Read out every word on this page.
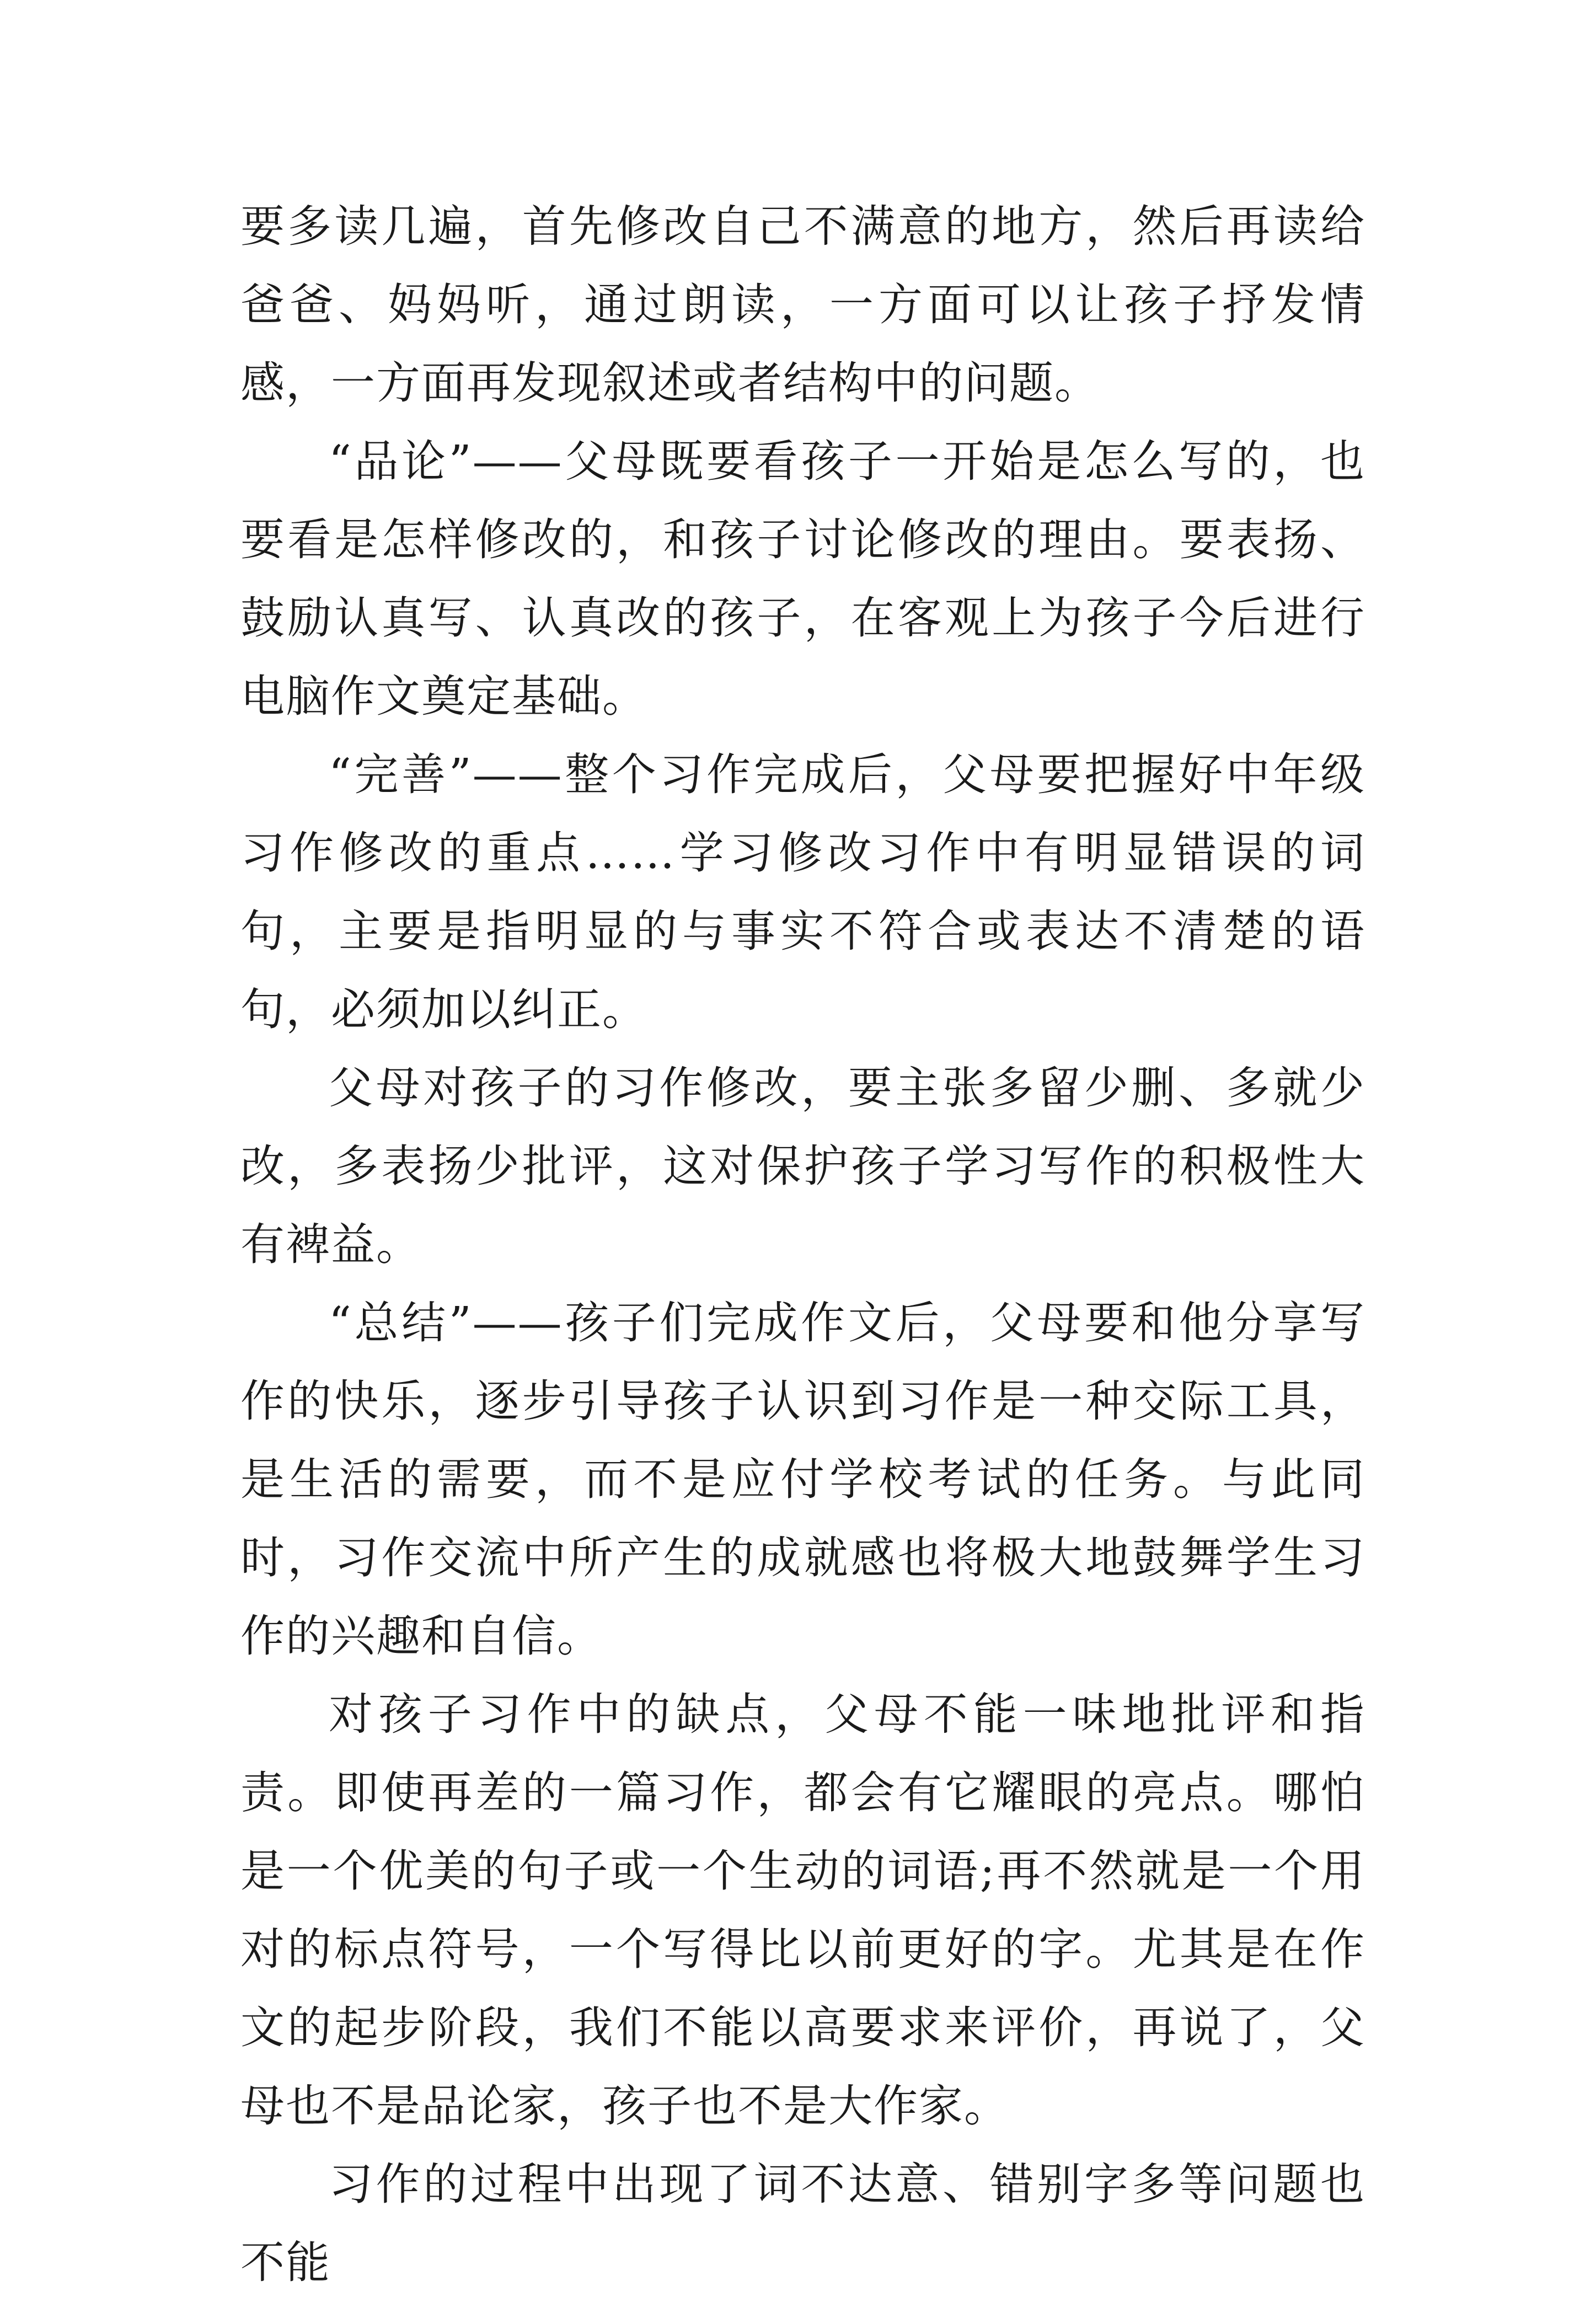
要多读几遍，首先修改自己不满意的地方，然后再读给爸爸、妈妈听，通过朗读，一方面可以让孩子抒发情感，一方面再发现叙述或者结构中的问题。

“品论”——父母既要看孩子一开始是怎么写的，也要看是怎样修改的，和孩子讨论修改的理由。要表扬、鼓励认真写、认真改的孩子，在客观上为孩子今后进行电脑作文奠定基础。

“完善”——整个习作完成后，父母要把握好中年级习作修改的重点……学习修改习作中有明显错误的词句，主要是指明显的与事实不符合或表达不清楚的语句，必须加以纠正。

父母对孩子的习作修改，要主张多留少删、多就少改，多表扬少批评，这对保护孩子学习写作的积极性大有裨益。

“总结”——孩子们完成作文后，父母要和他分享写作的快乐，逐步引导孩子认识到习作是一种交际工具，是生活的需要，而不是应付学校考试的任务。与此同时，习作交流中所产生的成就感也将极大地鼓舞学生习作的兴趣和自信。

对孩子习作中的缺点，父母不能一味地批评和指责。即使再差的一篇习作，都会有它耀眼的亮点。哪怕是一个优美的句子或一个生动的词语;再不然就是一个用对的标点符号，一个写得比以前更好的字。尤其是在作文的起步阶段，我们不能以高要求来评价，再说了，父母也不是品论家，孩子也不是大作家。

习作的过程中出现了词不达意、错别字多等问题也不能
